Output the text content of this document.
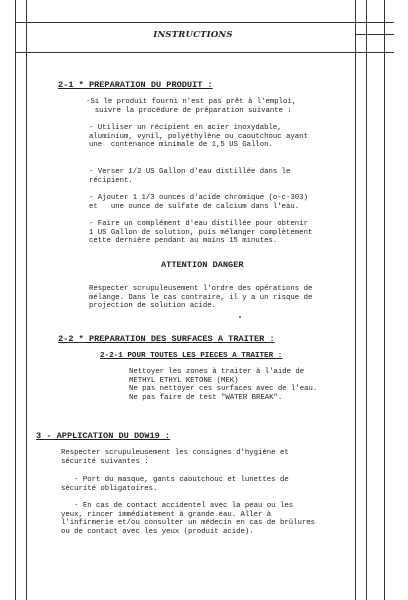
INSTRUCTIONS
2-1 * PREPARATION DU PRODUIT :
-Si le produit fourni n'est pas prêt à l'emploi,
suivre la procédure de préparation suivante :
- Utiliser un récipient en acier inoxydable,
aluminium, vynil, polyéthylène ou caoutchouc ayant
une  contenance minimale de 1,5 US Gallon.
- Verser 1/2 US Gallon d'eau distillée dans le
récipient.
- Ajouter 1 1/3 ounces d'acide chromique (o-c-303)
et   une ounce de sulfate de calcium dans l'eau.
- Faire un complément d'eau distillée pour obtenir
1 US Gallon de solution, puis mélanger complètement
cette dernière pendant au moins 15 minutes.
ATTENTION DANGER
Respecter scrupuleusement l'ordre des opérations de
mélange. Dans le cas contraire, il y a un risque de
projection de solution acide.
2-2 * PREPARATION DES SURFACES A TRAITER :
2-2-1 POUR TOUTES LES PIECES A TRAITER :
Nettoyer les zones à traiter à l'aide de
METHYL ETHYL KETONE (MEK)
Ne pas nettoyer ces surfaces avec de l'eau.
Ne pas faire de test "WATER BREAK".
3 - APPLICATION DU DOW19 :
Respecter scrupuleusement les consignes d'hygiène et
sécurité suivantes :
- Port du masque, gants caoutchouc et lunettes de
sécurité obligatoires.
- En cas de contact accidentel avec la peau ou les
yeux, rincer immédiatement à grande eau. Aller à
l'infirmerie et/ou consulter un médecin en cas de brûlures
ou de contact avec les yeux (produit acide).
